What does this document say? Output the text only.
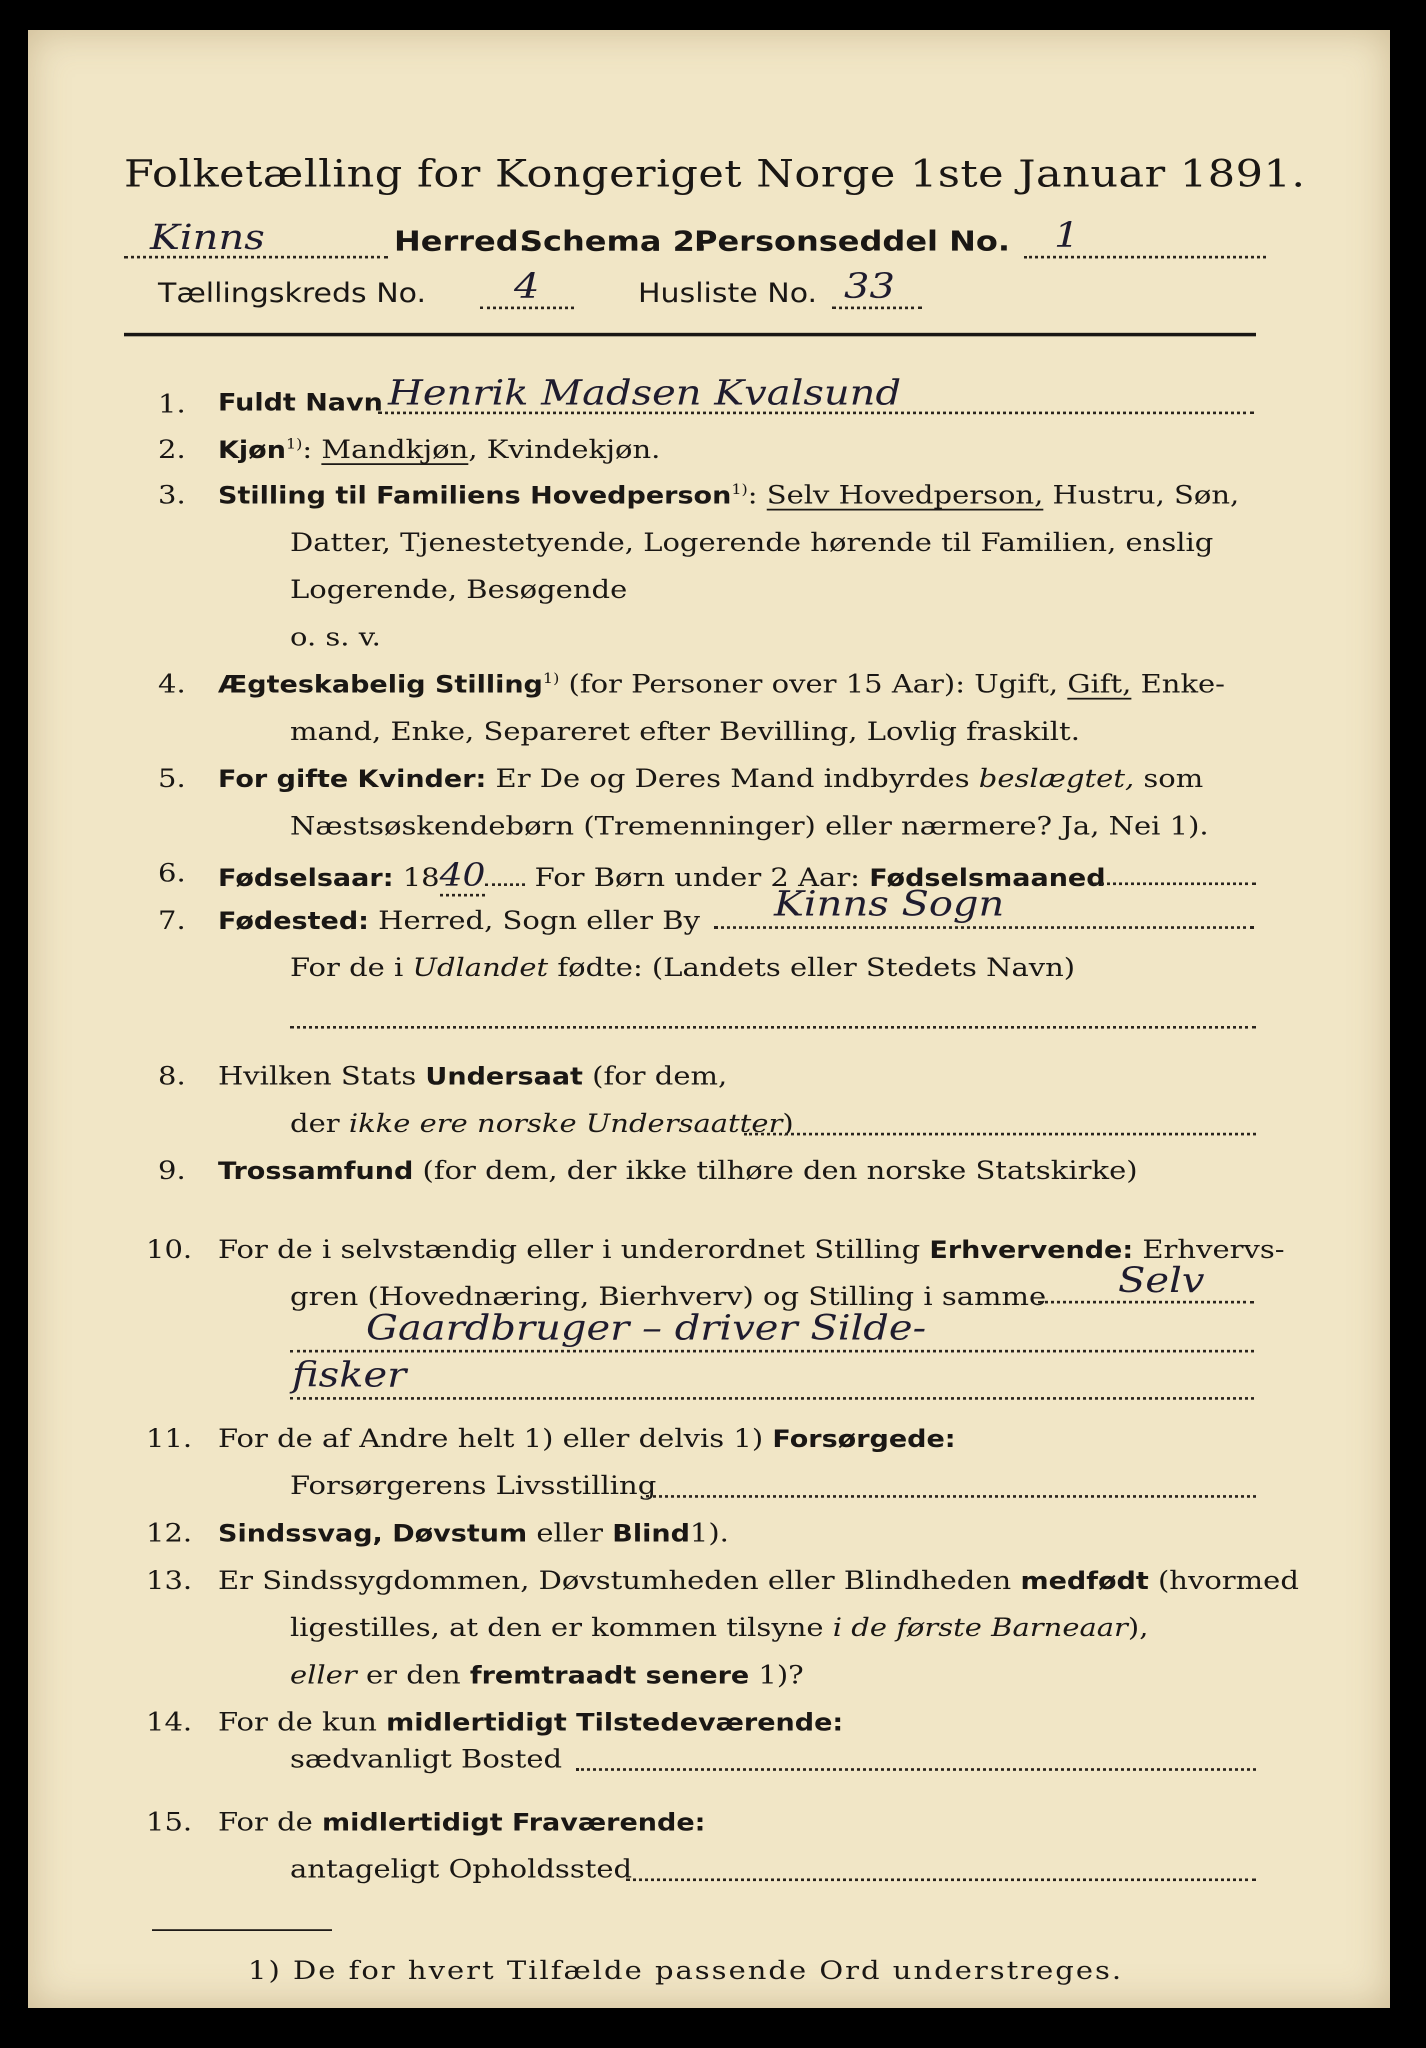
Folketælling for Kongeriget Norge 1ste Januar 1891.
Kinns	Herred.
Schema 2.
Personseddel No. 1
Tællingskreds No. 4	Husliste No. 33
1. Fuldt Navn Henrik Madsen Kvalsund
2. Kjøn$^{1)}$: Mandkjøn, Kvindekjøn.
3. Stilling til Familiens Hovedperson$^{1)}$: Selv Hovedperson, Hustru, Søn,
Datter, Tjenestetyende, Logerende hørende til Familien, enslig
Logerende, Besøgende
o. s. v.
4. Ægteskabelig Stilling$^{1)}$ (for Personer over 15 Aar): Ugift, Gift, Enke-
mand, Enke, Separeret efter Bevilling, Lovlig fraskilt.
5. For gifte Kvinder: Er De og Deres Mand indbyrdes beslægtet, som
Næstsøskendebørn (Tremenninger) eller nærmere? Ja, Nei 1).
6. Fødselsaar: 1840 For Børn under 2 Aar: Fødselsmaaned
7. Fødested: Herred, Sogn eller By Kinns Sogn
For de i Udlandet fødte: (Landets eller Stedets Navn)
8. Hvilken Stats Undersaat (for dem,
der ikke ere norske Undersaatter)
9. Trossamfund (for dem, der ikke tilhøre den norske Statskirke)
10. For de i selvstændig eller i underordnet Stilling Erhvervende: Erhvervs-
gren (Hovednæring, Bierhverv) og Stilling i samme Selv
Gaardbruger – driver Silde-
fisker
11. For de af Andre helt 1) eller delvis 1) Forsørgede:
Forsørgerens Livsstilling
12. Sindssvag, Døvstum eller Blind1).
13. Er Sindssygdommen, Døvstumheden eller Blindheden medfødt (hvormed
ligestilles, at den er kommen tilsyne i de første Barneaar),
eller er den fremtraadt senere 1)?
14. For de kun midlertidigt Tilstedeværende:
sædvanligt Bosted
15. For de midlertidigt Fraværende:
antageligt Opholdssted
1) De for hvert Tilfælde passende Ord understreges.
